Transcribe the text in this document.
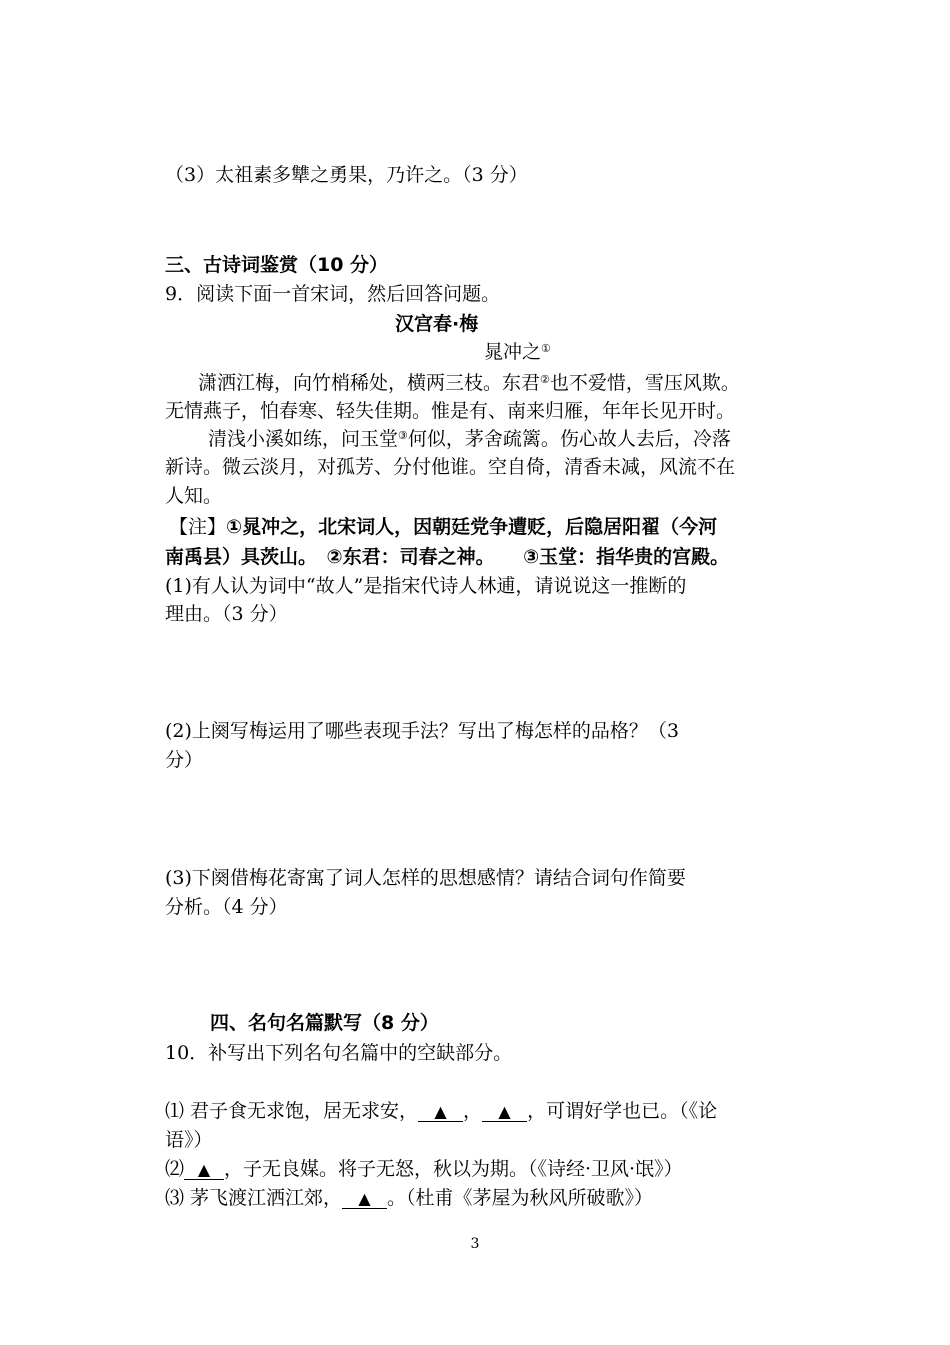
（3）太祖素多犨之勇果，乃许之。（3 分）
三、古诗词鉴赏（10 分）
9．阅读下面一首宋词，然后回答问题。
汉宫春·梅
晁冲之①
潇洒江梅，向竹梢稀处，横两三枝。东君②也不爱惜，雪压风欺。
无情燕子，怕春寒、轻失佳期。惟是有、南来归雁，年年长见开时。
清浅小溪如练，问玉堂③何似，茅舍疏篱。伤心故人去后，冷落
新诗。微云淡月，对孤芳、分付他谁。空自倚，清香未减，风流不在
人知。
【注】①晁冲之，北宋词人，因朝廷党争遭贬，后隐居阳翟（今河
南禹县）具茨山。　②东君：司春之神。　　③玉堂：指华贵的宫殿。
(1)有人认为词中“故人”是指宋代诗人林逋，请说说这一推断的
理由。（3 分）
(2)上阕写梅运用了哪些表现手法？写出了梅怎样的品格？（3
分）
(3)下阕借梅花寄寓了词人怎样的思想感情？请结合词句作简要
分析。（4 分）
四、名句名篇默写（8 分）
10．补写出下列名句名篇中的空缺部分。
⑴ 君子食无求饱，居无求安， ▲ ， ▲ ，可谓好学也已。（《论
语》）
⑵ ▲ ，子无良媒。将子无怒，秋以为期。（《诗经·卫风·氓》）
⑶ 茅飞渡江洒江郊， ▲ 。（杜甫《茅屋为秋风所破歌》）
3
